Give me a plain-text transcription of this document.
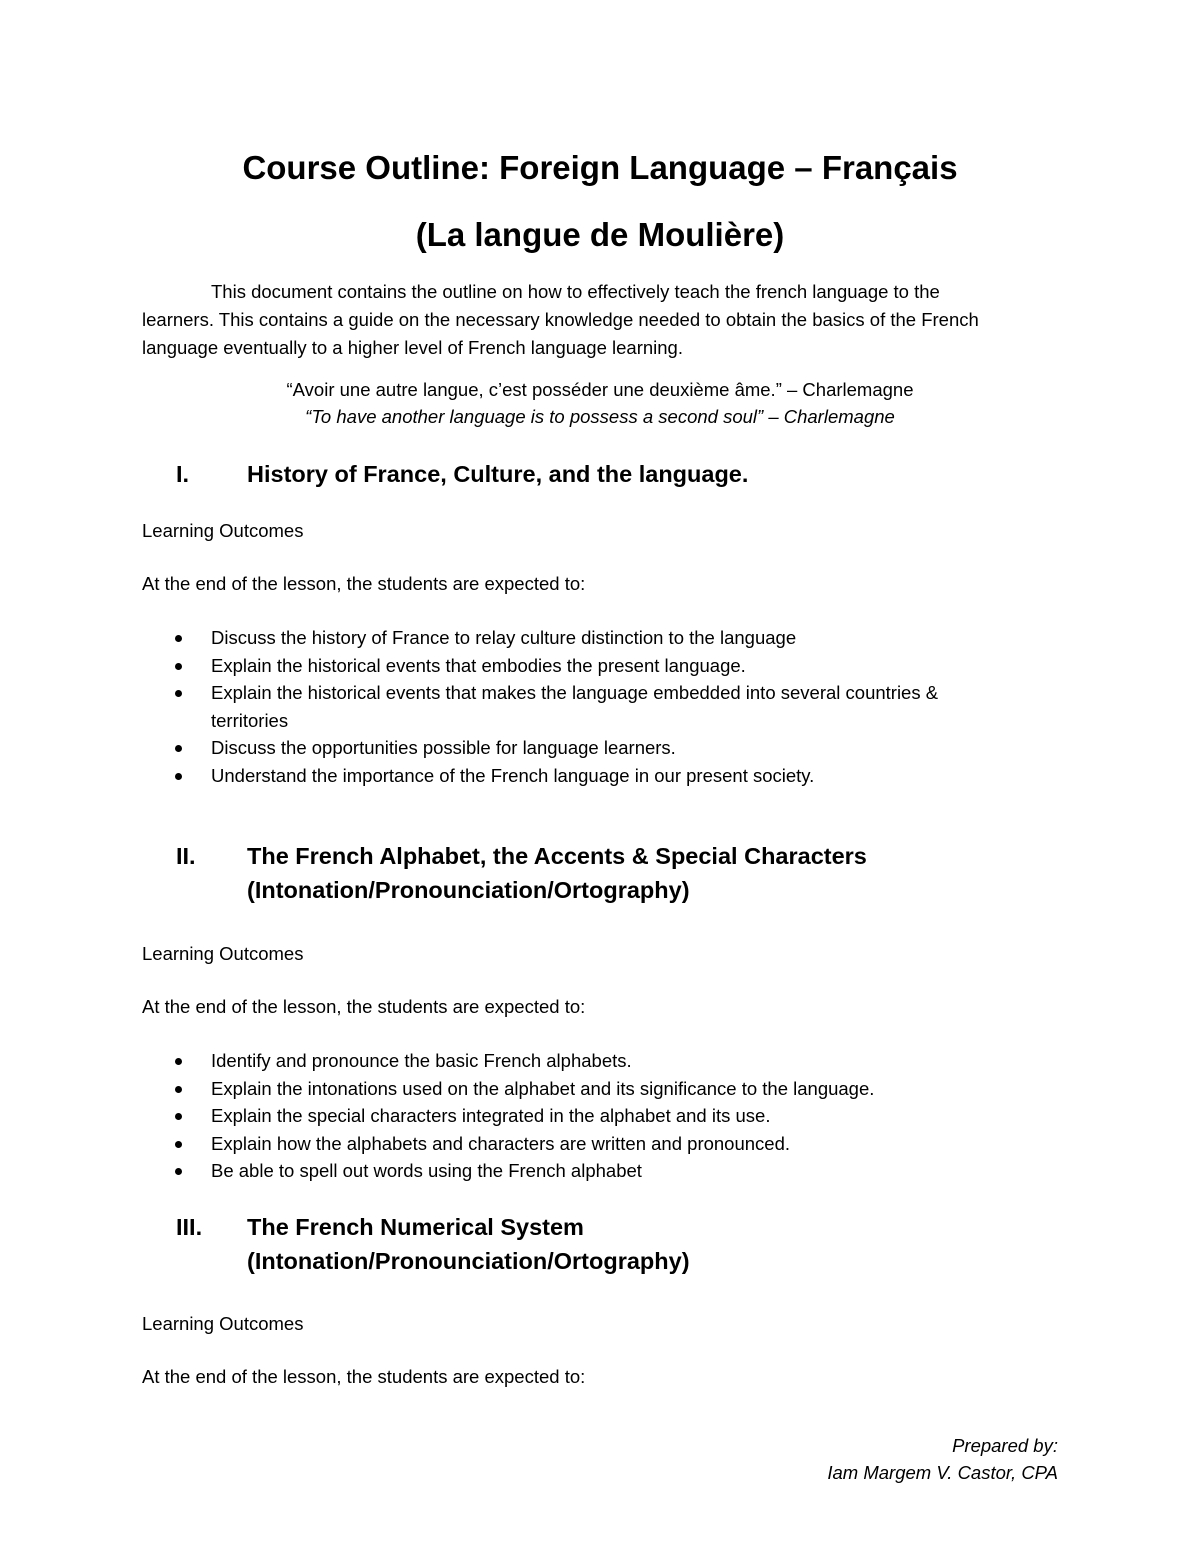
Course Outline: Foreign Language – Français
(La langue de Moulière)
This document contains the outline on how to effectively teach the french language to the
learners. This contains a guide on the necessary knowledge needed to obtain the basics of the French
language eventually to a higher level of French language learning.
“Avoir une autre langue, c’est posséder une deuxième âme.” – Charlemagne
“To have another language is to possess a second soul” – Charlemagne
I.	History of France, Culture, and the language.
Learning Outcomes
At the end of the lesson, the students are expected to:
Discuss the history of France to relay culture distinction to the language
Explain the historical events that embodies the present language.
Explain the historical events that makes the language embedded into several countries & territories
Discuss the opportunities possible for language learners.
Understand the importance of the French language in our present society.
II.	The French Alphabet, the Accents & Special Characters
(Intonation/Pronounciation/Ortography)
Learning Outcomes
At the end of the lesson, the students are expected to:
Identify and pronounce the basic French alphabets.
Explain the intonations used on the alphabet and its significance to the language.
Explain the special characters integrated in the alphabet and its use.
Explain how the alphabets and characters are written and pronounced.
Be able to spell out words using the French alphabet
III.	The French Numerical System
(Intonation/Pronounciation/Ortography)
Learning Outcomes
At the end of the lesson, the students are expected to:
Prepared by:
Iam Margem V. Castor, CPA
